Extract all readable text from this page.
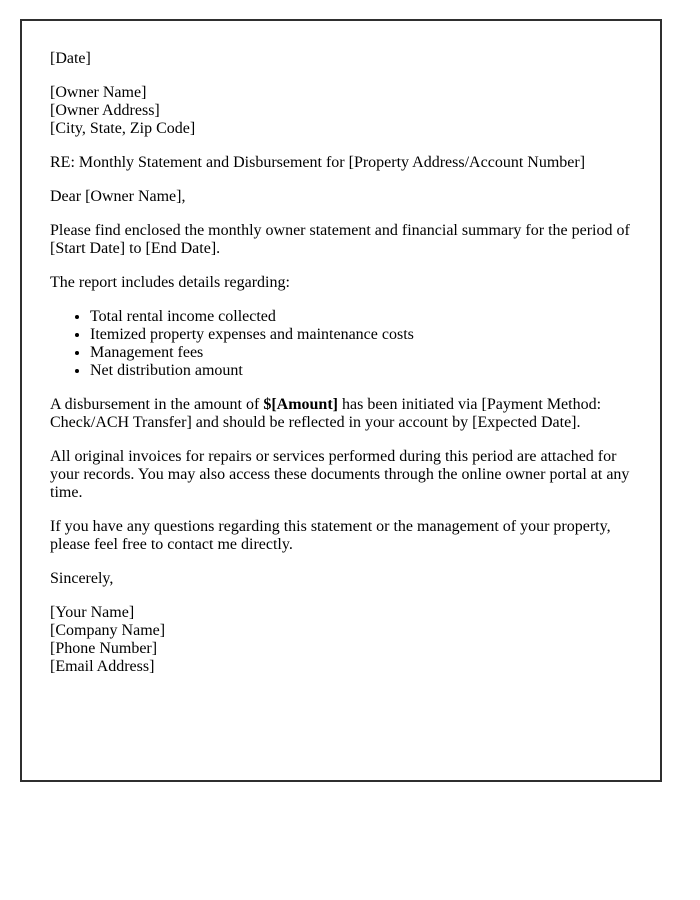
[Date]

[Owner Name]
[Owner Address]
[City, State, Zip Code]

RE: Monthly Statement and Disbursement for [Property Address/Account Number]

Dear [Owner Name],

Please find enclosed the monthly owner statement and financial summary for the period of [Start Date] to [End Date].

The report includes details regarding:

• Total rental income collected
• Itemized property expenses and maintenance costs
• Management fees
• Net distribution amount

A disbursement in the amount of $[Amount] has been initiated via [Payment Method: Check/ACH Transfer] and should be reflected in your account by [Expected Date].

All original invoices for repairs or services performed during this period are attached for your records. You may also access these documents through the online owner portal at any time.

If you have any questions regarding this statement or the management of your property, please feel free to contact me directly.

Sincerely,

[Your Name]
[Company Name]
[Phone Number]
[Email Address]
